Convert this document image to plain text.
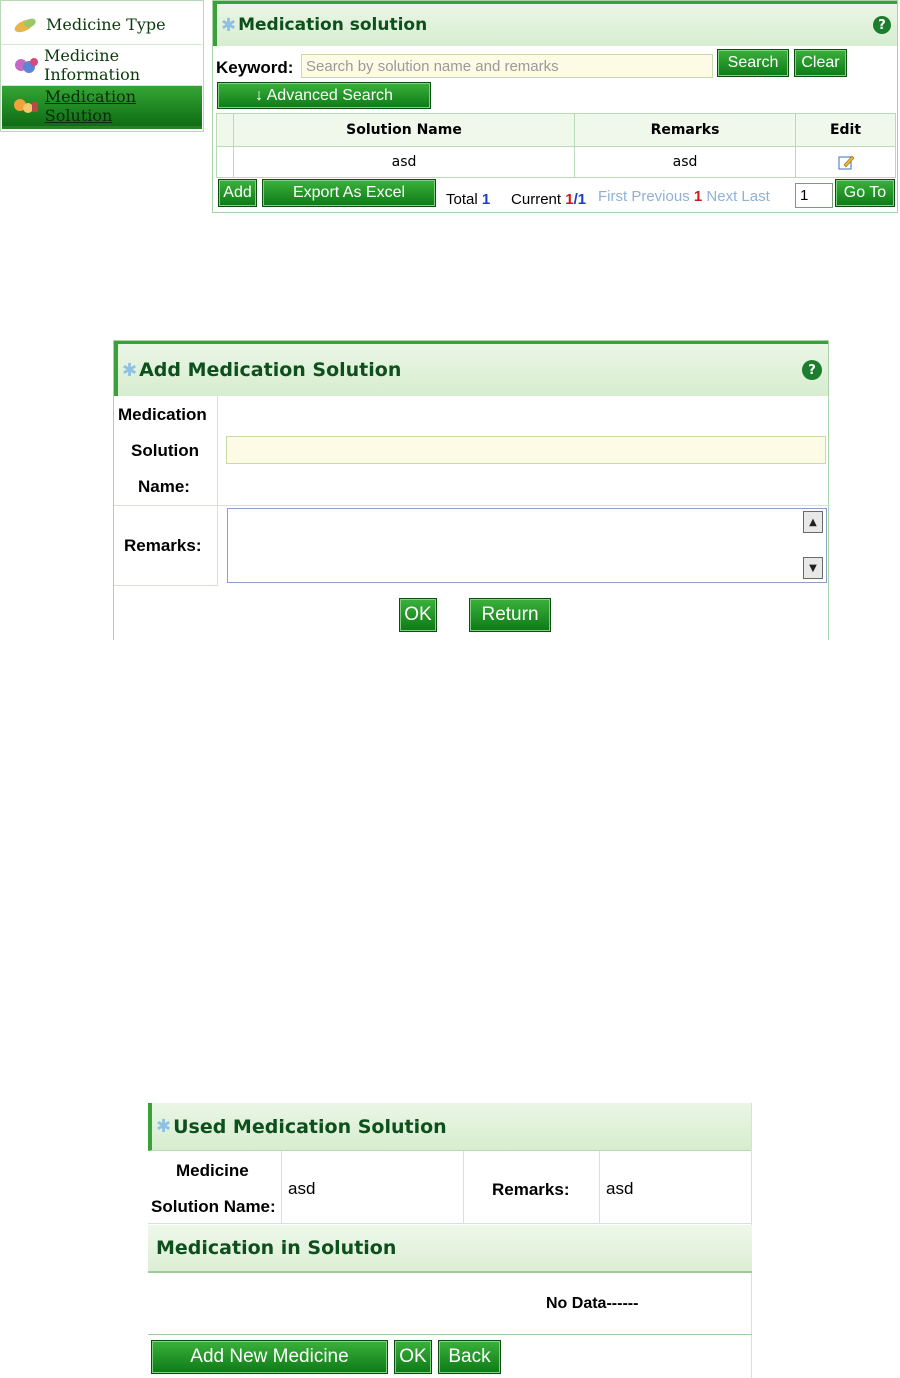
Medicine Type
Medicine Information
Medication Solution
✱ Medication solution	?
Keyword: Search by solution name and remarks	Search	Clear
↓ Advanced Search
	Solution Name	Remarks	Edit
	asd	asd	
Add	Export As Excel	Total 1 Current 1/1 First Previous 1 Next Last	1	Go To
✱ Add Medication Solution	?
Medication
Solution
Name:
Remarks:
▲
▼
OK	Return
✱ Used Medication Solution
Medicine
Solution Name:
asd	Remarks:	asd
Medication in Solution
No Data------
Add New Medicine	OK	Back
